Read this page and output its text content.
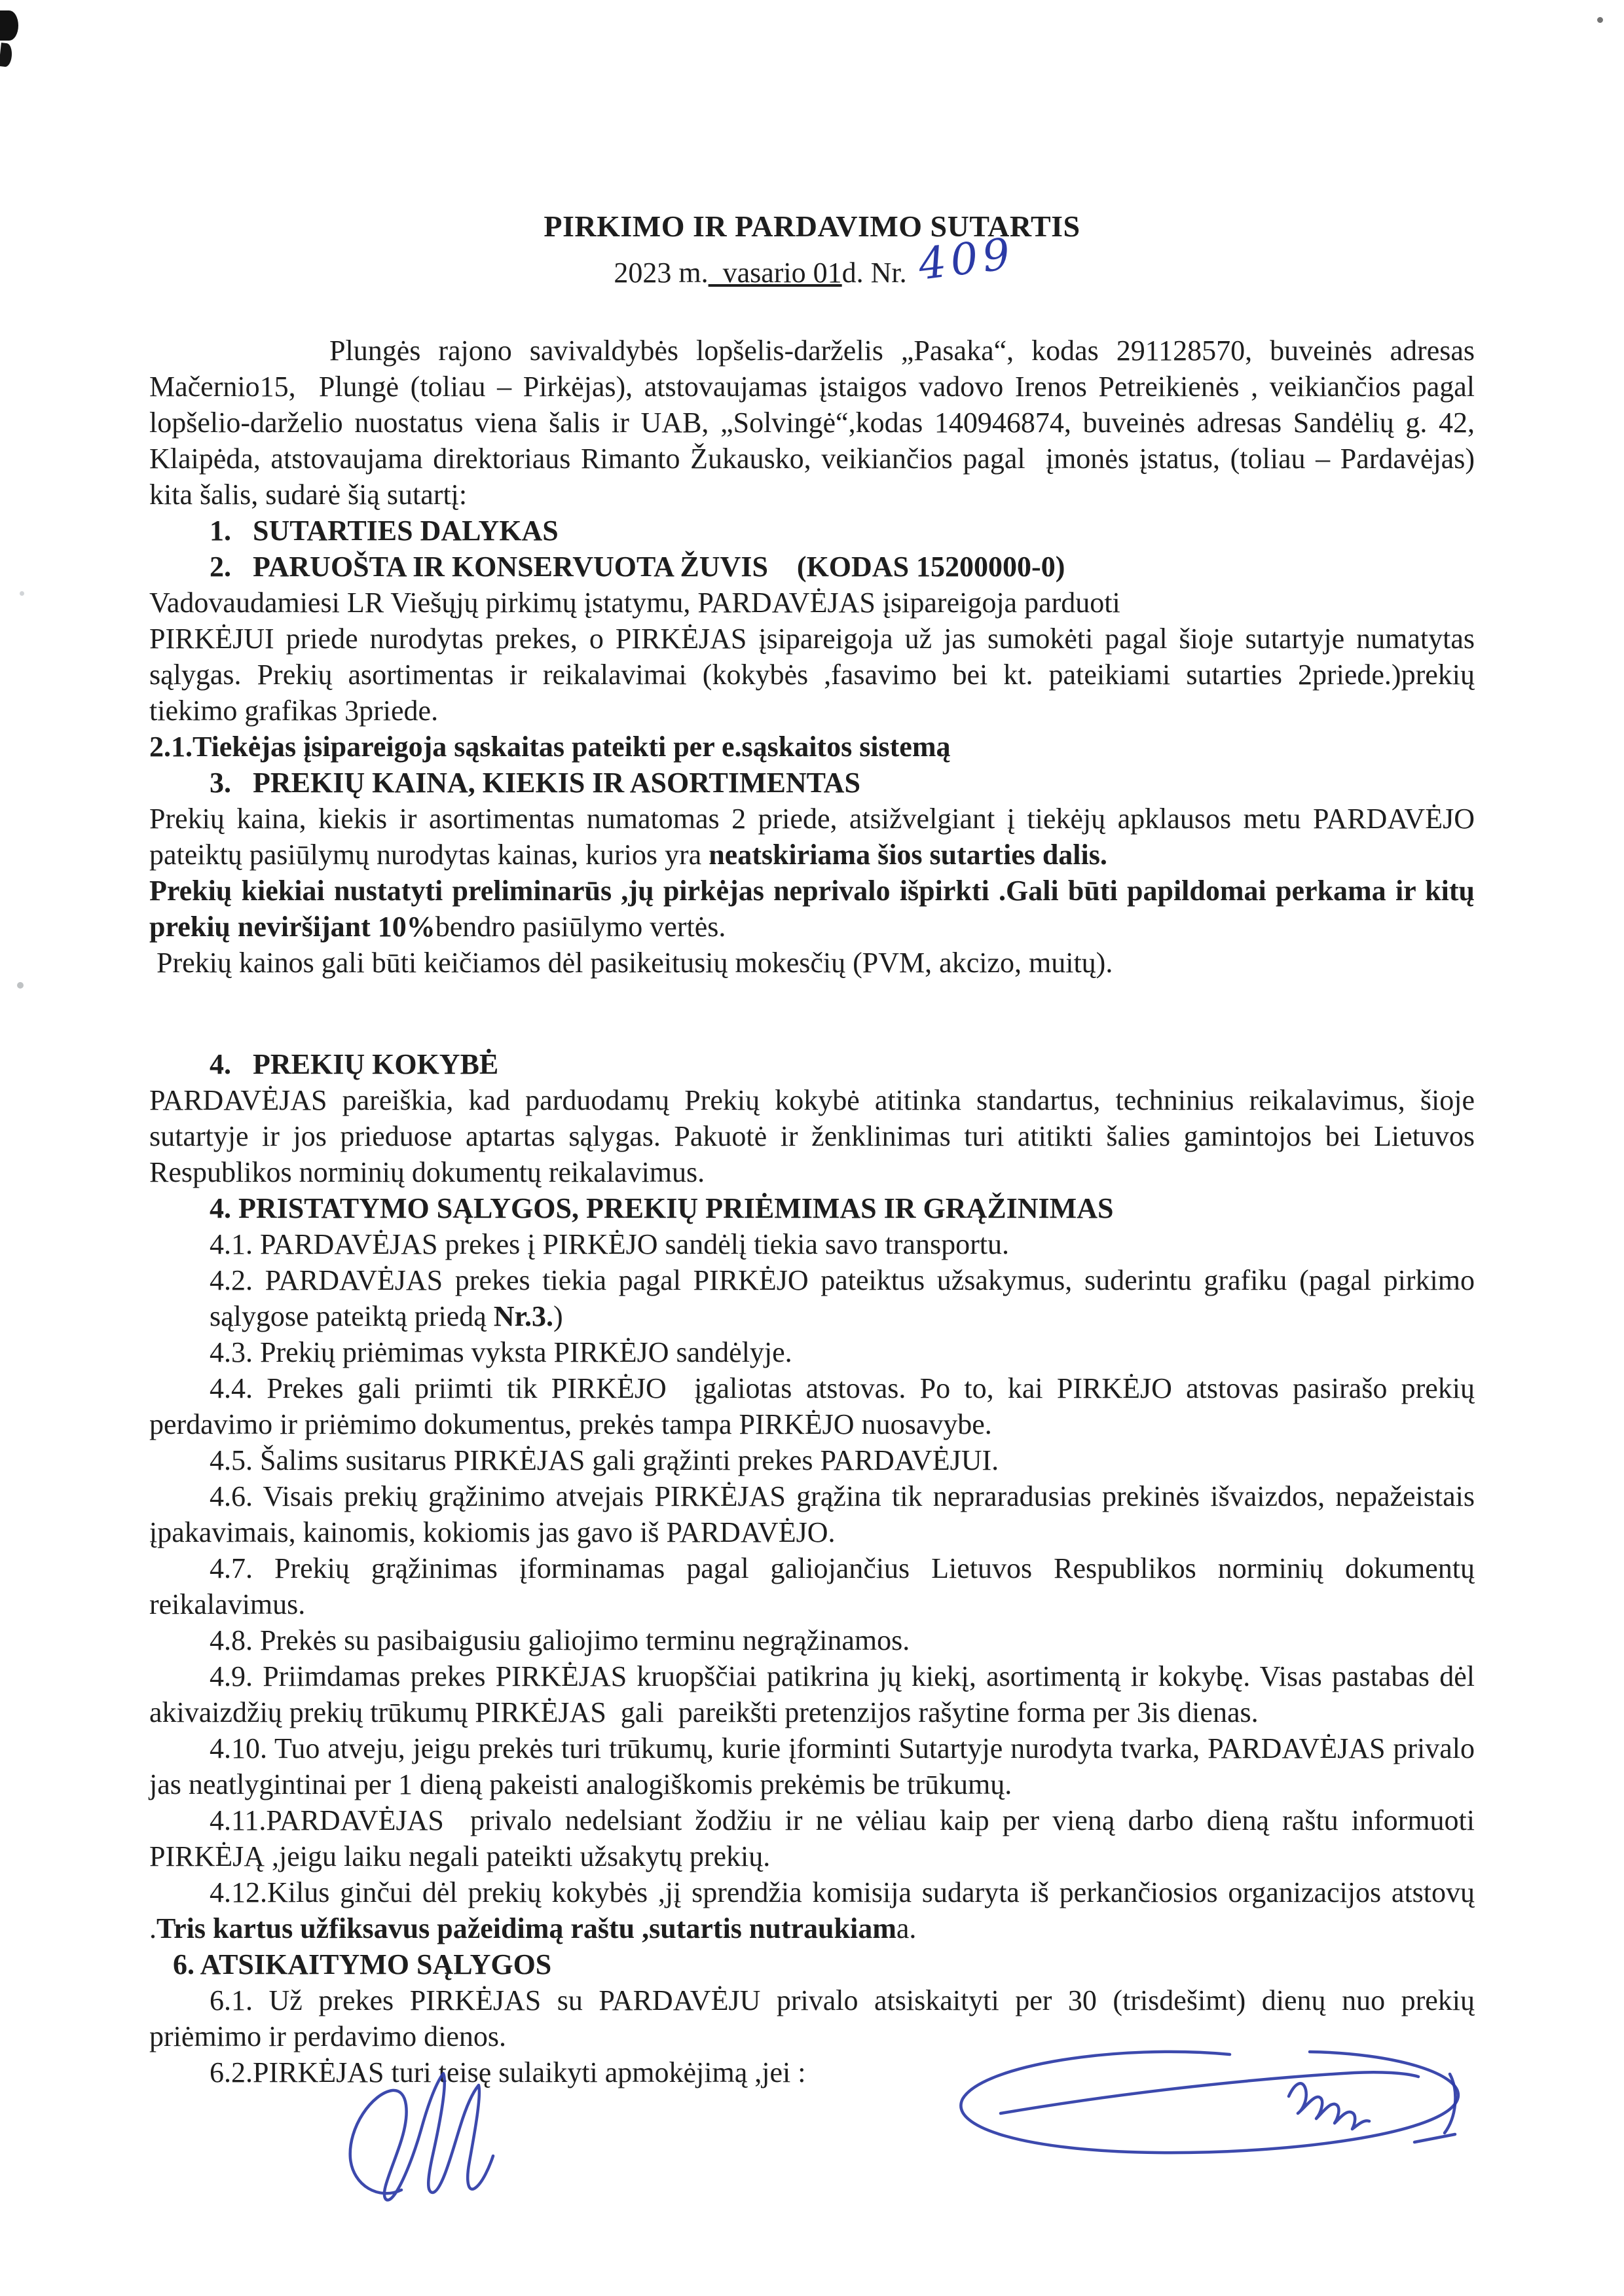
PIRKIMO IR PARDAVIMO SUTARTIS
2023 m.  vasario 01d. Nr. 409

Plungės rajono savivaldybės lopšelis-darželis „Pasaka“, kodas 291128570, buveinės adresas Mačernio15,  Plungė (toliau – Pirkėjas), atstovaujamas įstaigos vadovo Irenos Petreikienės , veikiančios pagal lopšelio-darželio nuostatus viena šalis ir UAB, „Solvingė“,kodas 140946874, buveinės adresas Sandėlių g. 42, Klaipėda, atstovaujama direktoriaus Rimanto Žukausko, veikiančios pagal  įmonės įstatus, (toliau – Pardavėjas) kita šalis, sudarė šią sutartį:

1.   SUTARTIES DALYKAS

2.   PARUOŠTA IR KONSERVUOTA ŽUVIS    (KODAS 15200000-0)

Vadovaudamiesi LR Viešųjų pirkimų įstatymu, PARDAVĖJAS įsipareigoja parduoti

PIRKĖJUI priede nurodytas prekes, o PIRKĖJAS įsipareigoja už jas sumokėti pagal šioje sutartyje numatytas sąlygas. Prekių asortimentas ir reikalavimai (kokybės ,fasavimo bei kt. pateikiami sutarties 2priede.)prekių tiekimo grafikas 3priede.

2.1.Tiekėjas įsipareigoja sąskaitas pateikti per e.sąskaitos sistemą

3.   PREKIŲ KAINA, KIEKIS IR ASORTIMENTAS

Prekių kaina, kiekis ir asortimentas numatomas 2 priede, atsižvelgiant į tiekėjų apklausos metu PARDAVĖJO pateiktų pasiūlymų nurodytas kainas, kurios yra neatskiriama šios sutarties dalis.

Prekių kiekiai nustatyti preliminarūs ,jų pirkėjas neprivalo išpirkti .Gali būti papildomai perkama ir kitų prekių neviršijant 10%bendro pasiūlymo vertės.

Prekių kainos gali būti keičiamos dėl pasikeitusių mokesčių (PVM, akcizo, muitų).

4.   PREKIŲ KOKYBĖ

PARDAVĖJAS pareiškia, kad parduodamų Prekių kokybė atitinka standartus, techninius reikalavimus, šioje sutartyje ir jos prieduose aptartas sąlygas. Pakuotė ir ženklinimas turi atitikti šalies gamintojos bei Lietuvos Respublikos norminių dokumentų reikalavimus.

4. PRISTATYMO SĄLYGOS, PREKIŲ PRIĖMIMAS IR GRĄŽINIMAS

4.1. PARDAVĖJAS prekes į PIRKĖJO sandėlį tiekia savo transportu.

4.2. PARDAVĖJAS prekes tiekia pagal PIRKĖJO pateiktus užsakymus, suderintu grafiku (pagal pirkimo sąlygose pateiktą priedą Nr.3.)

4.3. Prekių priėmimas vyksta PIRKĖJO sandėlyje.

4.4. Prekes gali priimti tik PIRKĖJO  įgaliotas atstovas. Po to, kai PIRKĖJO atstovas pasirašo prekių perdavimo ir priėmimo dokumentus, prekės tampa PIRKĖJO nuosavybe.

4.5. Šalims susitarus PIRKĖJAS gali grąžinti prekes PARDAVĖJUI.

4.6. Visais prekių grąžinimo atvejais PIRKĖJAS grąžina tik nepraradusias prekinės išvaizdos, nepažeistais įpakavimais, kainomis, kokiomis jas gavo iš PARDAVĖJO.

4.7. Prekių grąžinimas įforminamas pagal galiojančius Lietuvos Respublikos norminių dokumentų reikalavimus.

4.8. Prekės su pasibaigusiu galiojimo terminu negrąžinamos.

4.9. Priimdamas prekes PIRKĖJAS kruopščiai patikrina jų kiekį, asortimentą ir kokybę. Visas pastabas dėl akivaizdžių prekių trūkumų PIRKĖJAS  gali  pareikšti pretenzijos rašytine forma per 3is dienas.

4.10. Tuo atveju, jeigu prekės turi trūkumų, kurie įforminti Sutartyje nurodyta tvarka, PARDAVĖJAS privalo jas neatlygintinai per 1 dieną pakeisti analogiškomis prekėmis be trūkumų.

4.11.PARDAVĖJAS  privalo nedelsiant žodžiu ir ne vėliau kaip per vieną darbo dieną raštu informuoti PIRKĖJĄ ,jeigu laiku negali pateikti užsakytų prekių.

4.12.Kilus ginčui dėl prekių kokybės ,jį sprendžia komisija sudaryta iš perkančiosios organizacijos atstovų .Tris kartus užfiksavus pažeidimą raštu ,sutartis nutraukiama.

6. ATSIKAITYMO SĄLYGOS

6.1. Už prekes PIRKĖJAS su PARDAVĖJU privalo atsiskaityti per 30 (trisdešimt) dienų nuo prekių priėmimo ir perdavimo dienos.

6.2.PIRKĖJAS turi teisę sulaikyti apmokėjimą ,jei :
